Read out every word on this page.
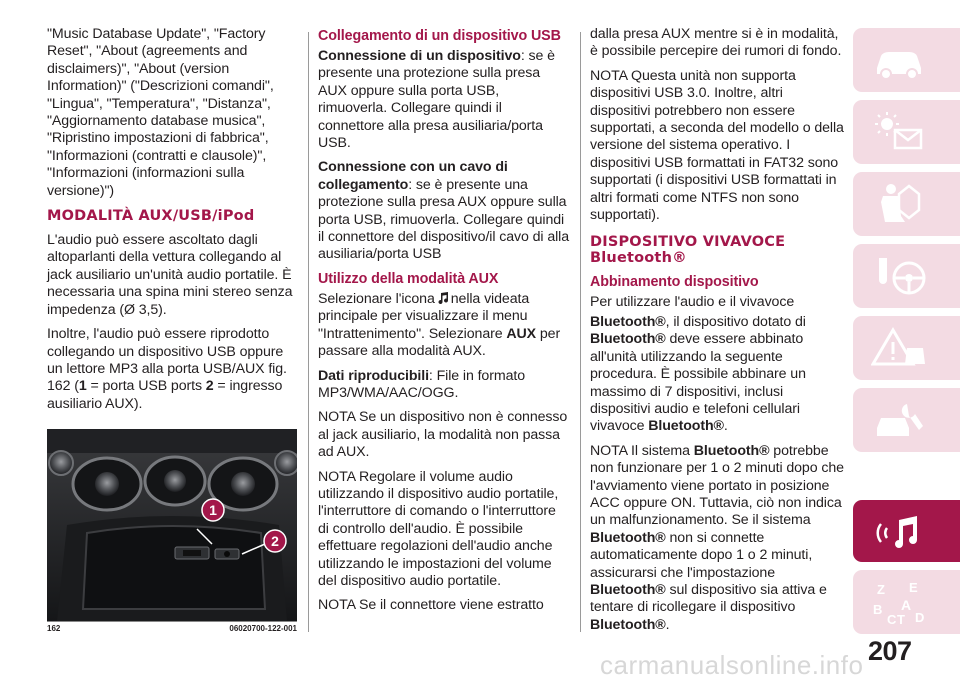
"Music Database Update", "Factory Reset", "About (agreements and disclaimers)", "About (version Information)" ("Descrizioni comandi", "Lingua", "Temperatura", "Distanza", "Aggiornamento database musica", "Ripristino impostazioni di fabbrica", "Informazioni (contratti e clausole)", "Informazioni (informazioni sulla versione)")

MODALITÀ AUX/USB/iPod

L'audio può essere ascoltato dagli altoparlanti della vettura collegando al jack ausiliario un'unità audio portatile. È necessaria una spina mini stereo senza impedenza (Ø 3,5).

Inoltre, l'audio può essere riprodotto collegando un dispositivo USB oppure un lettore MP3 alla porta USB/AUX fig. 162 (1 = porta USB ports 2 = ingresso ausiliario AUX).

1
2
162	06020700-122-001
Collegamento di un dispositivo USB

Connessione di un dispositivo: se è presente una protezione sulla presa AUX oppure sulla porta USB, rimuoverla. Collegare quindi il connettore alla presa ausiliaria/porta USB.

Connessione con un cavo di collegamento: se è presente una protezione sulla presa AUX oppure sulla porta USB, rimuoverla. Collegare quindi il connettore del dispositivo/il cavo di alla ausiliaria/porta USB

Utilizzo della modalità AUX

Selezionare l'icona nella videata principale per visualizzare il menu "Intrattenimento". Selezionare AUX per passare alla modalità AUX.

Dati riproducibili: File in formato MP3/WMA/AAC/OGG.

NOTA Se un dispositivo non è connesso al jack ausiliario, la modalità non passa ad AUX.

NOTA Regolare il volume audio utilizzando il dispositivo audio portatile, l'interruttore di comando o l'interruttore di controllo dell'audio. È possibile effettuare regolazioni dell'audio anche utilizzando le impostazioni del volume del dispositivo audio portatile.

NOTA Se il connettore viene estratto

dalla presa AUX mentre si è in modalità, è possibile percepire dei rumori di fondo.

NOTA Questa unità non supporta dispositivi USB 3.0. Inoltre, altri dispositivi potrebbero non essere supportati, a seconda del modello o della versione del sistema operativo. I dispositivi USB formattati in FAT32 sono supportati (i dispositivi USB formattati in altri formati come NTFS non sono supportati).

DISPOSITIVO VIVAVOCE
Bluetooth®
Abbinamento dispositivo

Per utilizzare l'audio e il vivavoce

Bluetooth®, il dispositivo dotato di Bluetooth® deve essere abbinato all'unità utilizzando la seguente procedura. È possibile abbinare un massimo di 7 dispositivi, inclusi dispositivi audio e telefoni cellulari vivavoce Bluetooth®.

NOTA Il sistema Bluetooth® potrebbe non funzionare per 1 o 2 minuti dopo che l'avviamento viene portato in posizione ACC oppure ON. Tuttavia, ciò non indica un malfunzionamento. Se il sistema Bluetooth® non si connette automaticamente dopo 1 o 2 minuti, assicurarsi che l'impostazione Bluetooth® sul dispositivo sia attiva e tentare di ricollegare il dispositivo Bluetooth®.

Z E
A
B
C T D
207
carmanualsonline.info
